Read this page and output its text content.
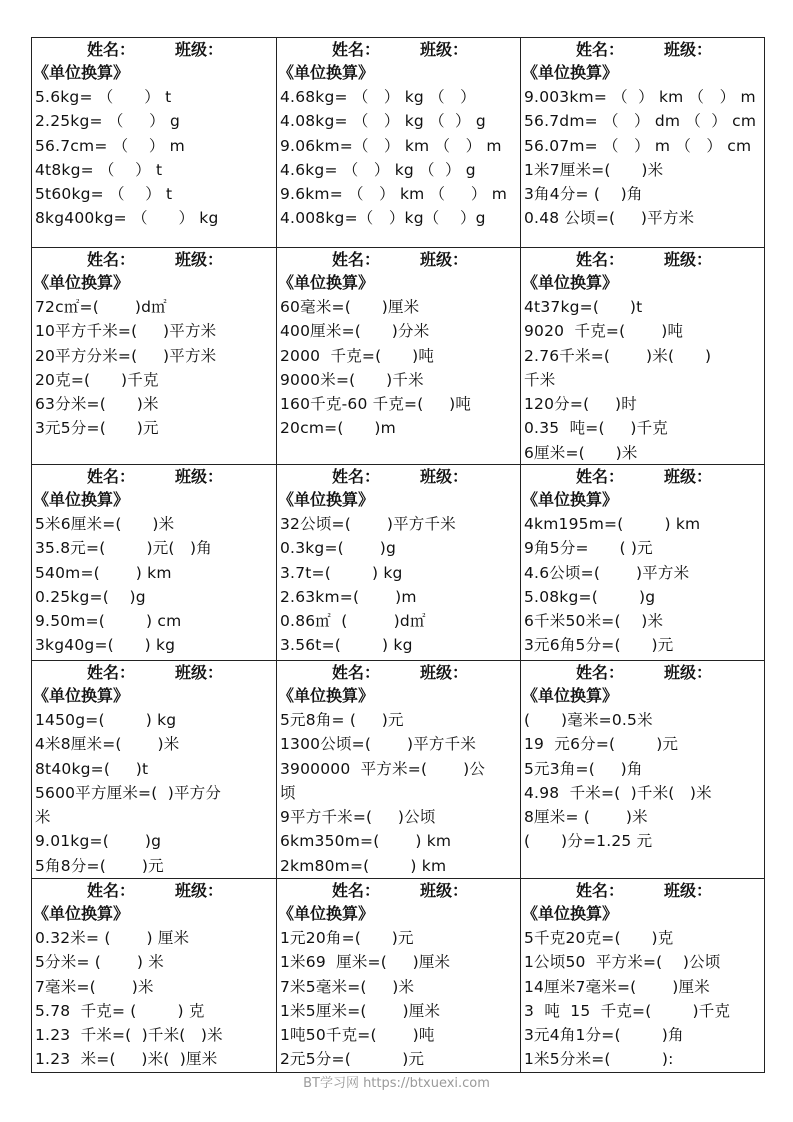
姓名：	班级：
《单位换算》
5.6kg= （      ） t
2.25kg= （     ） g
56.7cm= （    ） m
4t8kg= （    ） t
5t60kg= （    ） t
8kg400kg= （      ） kg
姓名：	班级：
《单位换算》
4.68kg= （   ） kg （   ）
4.08kg= （   ） kg （  ） g
9.06km=（   ） km （   ） m
4.6kg= （   ） kg （  ） g
9.6km= （   ） km （     ） m
4.008kg=（   ）kg（    ）g
姓名：	班级：
《单位换算》
9.003km= （  ） km （   ） m
56.7dm= （   ） dm （  ） cm
56.07m= （   ） m （   ） cm
1米7厘米=(      )米
3角4分= (    )角
0.48 公顷=(     )平方米
姓名：	班级：
《单位换算》
72c㎡=(       )d㎡
10平方千米=(     )平方米
20平方分米=(     )平方米
20克=(      )千克
63分米=(      )米
3元5分=(      )元
姓名：	班级：
《单位换算》
60毫米=(      )厘米
400厘米=(      )分米
2000  千克=(      )吨
9000米=(      )千米
160千克-60 千克=(     )吨
20cm=(      )m
姓名：	班级：
《单位换算》
4t37kg=(      )t
9020  千克=(       )吨
2.76千米=(       )米(      )
千米
120分=(     )时
0.35  吨=(     )千克
6厘米=(      )米
姓名：	班级：
《单位换算》
5米6厘米=(      )米
35.8元=(        )元(   )角
540m=(       ) km
0.25kg=(    )g
9.50m=(        ) cm
3kg40g=(      ) kg
姓名：	班级：
《单位换算》
32公顷=(       )平方千米
0.3kg=(       )g
3.7t=(        ) kg
2.63km=(       )m
0.86㎡  (         )d㎡
3.56t=(        ) kg
姓名：	班级：
《单位换算》
4km195m=(        ) km
9角5分=      ( )元
4.6公顷=(       )平方米
5.08kg=(        )g
6千米50米=(    )米
3元6角5分=(      )元
姓名：	班级：
《单位换算》
1450g=(        ) kg
4米8厘米=(       )米
8t40kg=(     )t
5600平方厘米=(  )平方分
米
9.01kg=(       )g
5角8分=(       )元
姓名：	班级：
《单位换算》
5元8角= (     )元
1300公顷=(       )平方千米
3900000  平方米=(       )公
顷
9平方千米=(     )公顷
6km350m=(       ) km
2km80m=(        ) km
姓名：	班级：
《单位换算》
(      )毫米=0.5米
19  元6分=(        )元
5元3角=(     )角
4.98  千米=(  )千米(   )米
8厘米= (       )米
(      )分=1.25 元
姓名：	班级：
《单位换算》
0.32米= (       ) 厘米
5分米= (       ) 米
7毫米=(       )米
5.78  千克= (        ) 克
1.23  千米=(  )千米(   )米
1.23  米=(     )米(  )厘米
姓名：	班级：
《单位换算》
1元20角=(      )元
1米69  厘米=(     )厘米
7米5毫米=(     )米
1米5厘米=(       )厘米
1吨50千克=(       )吨
2元5分=(          )元
姓名：	班级：
《单位换算》
5千克20克=(      )克
1公顷50  平方米=(    )公顷
14厘米7毫米=(       )厘米
3  吨  15  千克=(        )千克
3元4角1分=(        )角
1米5分米=(          ):
BT学习网 https://btxuexi.com
